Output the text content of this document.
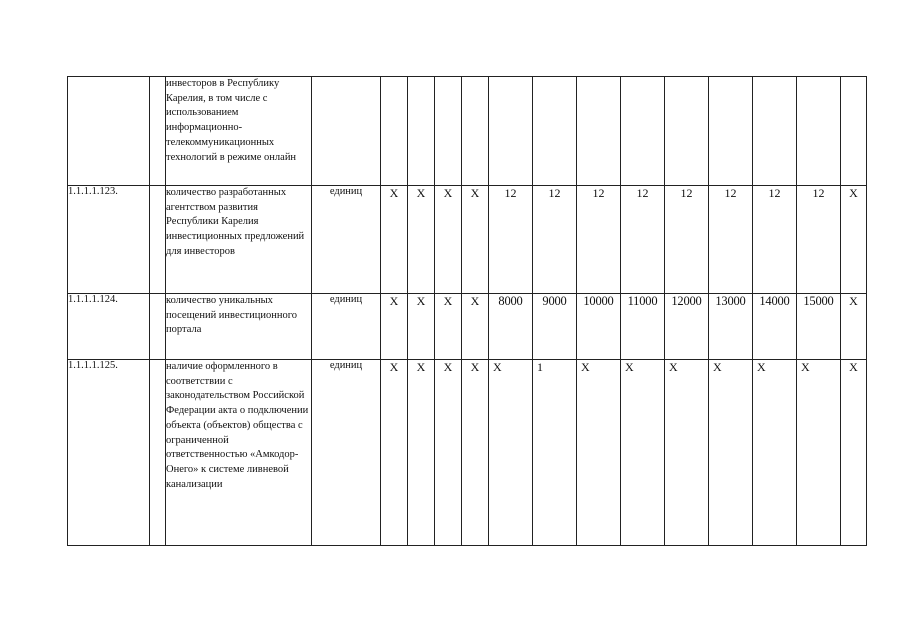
		инвесторов в Республику Карелия, в том числе с использованием информационно-телекоммуникационных технологий в режиме онлайн														
1.1.1.1.123.		количество разработанных агентством развития Республики Карелия инвестиционных предложений для инвесторов	единиц	X	X	X	X	12	12	12	12	12	12	12	12	X
1.1.1.1.124.		количество уникальных посещений инвестиционного портала	единиц	X	X	X	X	8000	9000	10000	11000	12000	13000	14000	15000	X
1.1.1.1.125.		наличие оформленного в соответствии с законодательством Российской Федерации акта о подключении объекта (объектов) общества с ограниченной ответственностью «Амкодор-Онего» к системе ливневой канализации	единиц	X	X	X	X	X	1	X	X	X	X	X	X	X
